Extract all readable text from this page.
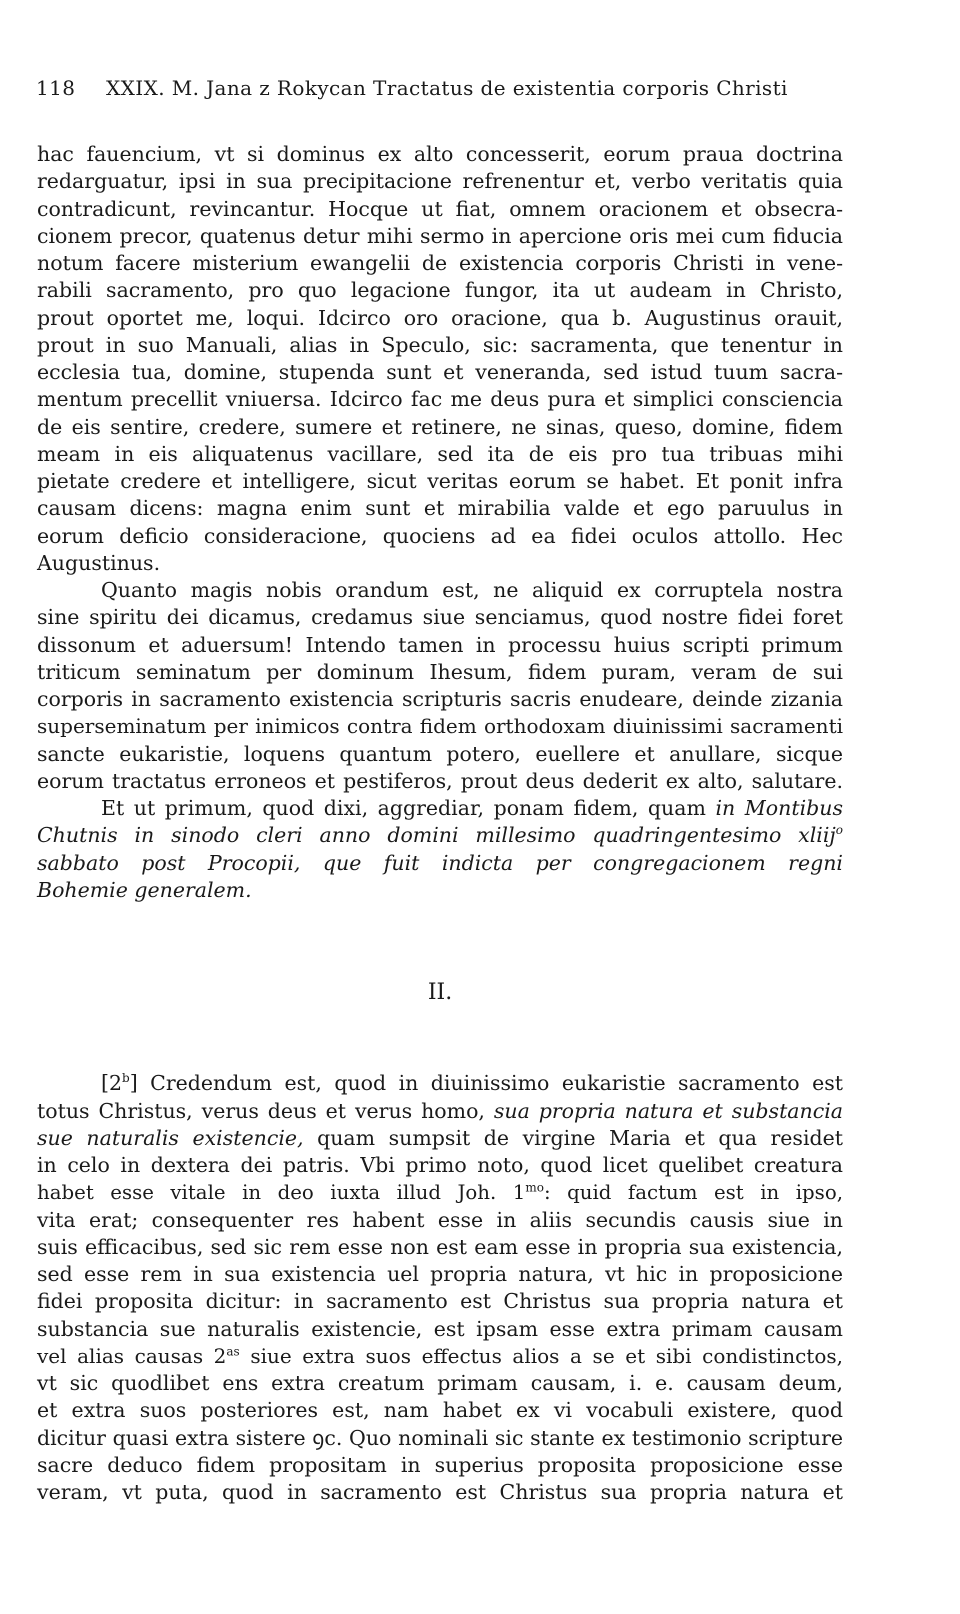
118 XXIX. M. Jana z Rokycan Tractatus de existentia corporis Christi
hac fauencium, vt si dominus ex alto concesserit, eorum praua doctrina
redarguatur, ipsi in sua precipitacione refrenentur et, verbo veritatis quia
contradicunt, revincantur. Hocque ut fiat, omnem oracionem et obsecra-
cionem precor, quatenus detur mihi sermo in apercione oris mei cum fiducia
notum facere misterium ewangelii de existencia corporis Christi in vene-
rabili sacramento, pro quo legacione fungor, ita ut audeam in Christo,
prout oportet me, loqui. Idcirco oro oracione, qua b. Augustinus orauit,
prout in suo Manuali, alias in Speculo, sic: sacramenta, que tenentur in
ecclesia tua, domine, stupenda sunt et veneranda, sed istud tuum sacra-
mentum precellit vniuersa. Idcirco fac me deus pura et simplici consciencia
de eis sentire, credere, sumere et retinere, ne sinas, queso, domine, fidem
meam in eis aliquatenus vacillare, sed ita de eis pro tua tribuas mihi
pietate credere et intelligere, sicut veritas eorum se habet. Et ponit infra
causam dicens: magna enim sunt et mirabilia valde et ego paruulus in
eorum deficio consideracione, quociens ad ea fidei oculos attollo. Hec
Augustinus.
Quanto magis nobis orandum est, ne aliquid ex corruptela nostra
sine spiritu dei dicamus, credamus siue senciamus, quod nostre fidei foret
dissonum et aduersum! Intendo tamen in processu huius scripti primum
triticum seminatum per dominum Ihesum, fidem puram, veram de sui
corporis in sacramento existencia scripturis sacris enudeare, deinde zizania
superseminatum per inimicos contra fidem orthodoxam diuinissimi sacramenti
sancte eukaristie, loquens quantum potero, euellere et anullare, sicque
eorum tractatus erroneos et pestiferos, prout deus dederit ex alto, salutare.
Et ut primum, quod dixi, aggrediar, ponam fidem, quam in Montibus
Chutnis in sinodo cleri anno domini millesimo quadringentesimo xliij$^o$
sabbato post Procopii, que fuit indicta per congregacionem regni
Bohemie generalem.
II.
[2$^b$] Credendum est, quod in diuinissimo eukaristie sacramento est
totus Christus, verus deus et verus homo, sua propria natura et substancia
sue naturalis existencie, quam sumpsit de virgine Maria et qua residet
in celo in dextera dei patris. Vbi primo noto, quod licet quelibet creatura
habet esse vitale in deo iuxta illud Joh. $1^{mo}$: quid factum est in ipso,
vita erat; consequenter res habent esse in aliis secundis causis siue in
suis efficacibus, sed sic rem esse non est eam esse in propria sua existencia,
sed esse rem in sua existencia uel propria natura, vt hic in proposicione
fidei proposita dicitur: in sacramento est Christus sua propria natura et
substancia sue naturalis existencie, est ipsam esse extra primam causam
vel alias causas $2^{as}$ siue extra suos effectus alios a se et sibi condistinctos,
vt sic quodlibet ens extra creatum primam causam, i. e. causam deum,
et extra suos posteriores est, nam habet ex vi vocabuli existere, quod
dicitur quasi extra sistere ꝯc. Quo nominali sic stante ex testimonio scripture
sacre deduco fidem propositam in superius proposita proposicione esse
veram, vt puta, quod in sacramento est Christus sua propria natura et
